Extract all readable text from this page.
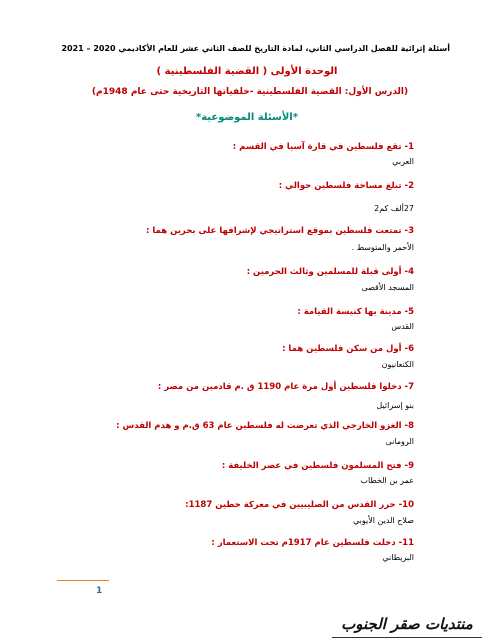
أسئلة إثرائية للفصل الدراسي الثاني، لمادة التاريخ للصف الثاني عشر للعام الأكاديمي 2020 – 2021
الوحدة الأولى ( القضية الفلسطينية )
(الدرس الأول: القضية الفلسطينية -خلفياتها التاريخية حتى عام 1948م)
*الأسئلة الموضوعية*
1- تقع فلسطين في قارة آسيا في القسم :
العربي
2- تبلغ مساحة فلسطين حوالي :
27ألف كم2
3- تمتعت فلسطين بموقع استراتيجي لإشرافها على بحرين هما :
الأحمر والمتوسط .
4- أولى قبلة للمسلمين وثالث الحرمين :
المسجد الأقصى
5- مدينة بها كنيسة القيامة :
القدس
6- أول من سكن فلسطين هما :
الكنعانيون
7- دخلوا فلسطين أول مرة عام 1190 ق .م قادمين من مصر :
بنو إسرائيل
8- الغزو الخارجي الذي تعرضت له فلسطين عام 63 ق.م و هدم القدس :
الرومانى
9- فتح المسلمون فلسطين في عصر الخليفة :
عمر بن الخطاب
10- حرر القدس من الصليبيين في معركة حطين 1187:
صلاح الدين الأيوبي
11- دخلت فلسطين عام 1917م تحت الاستعمار :
البريطاني
1
منتديات صقر الجنوب
